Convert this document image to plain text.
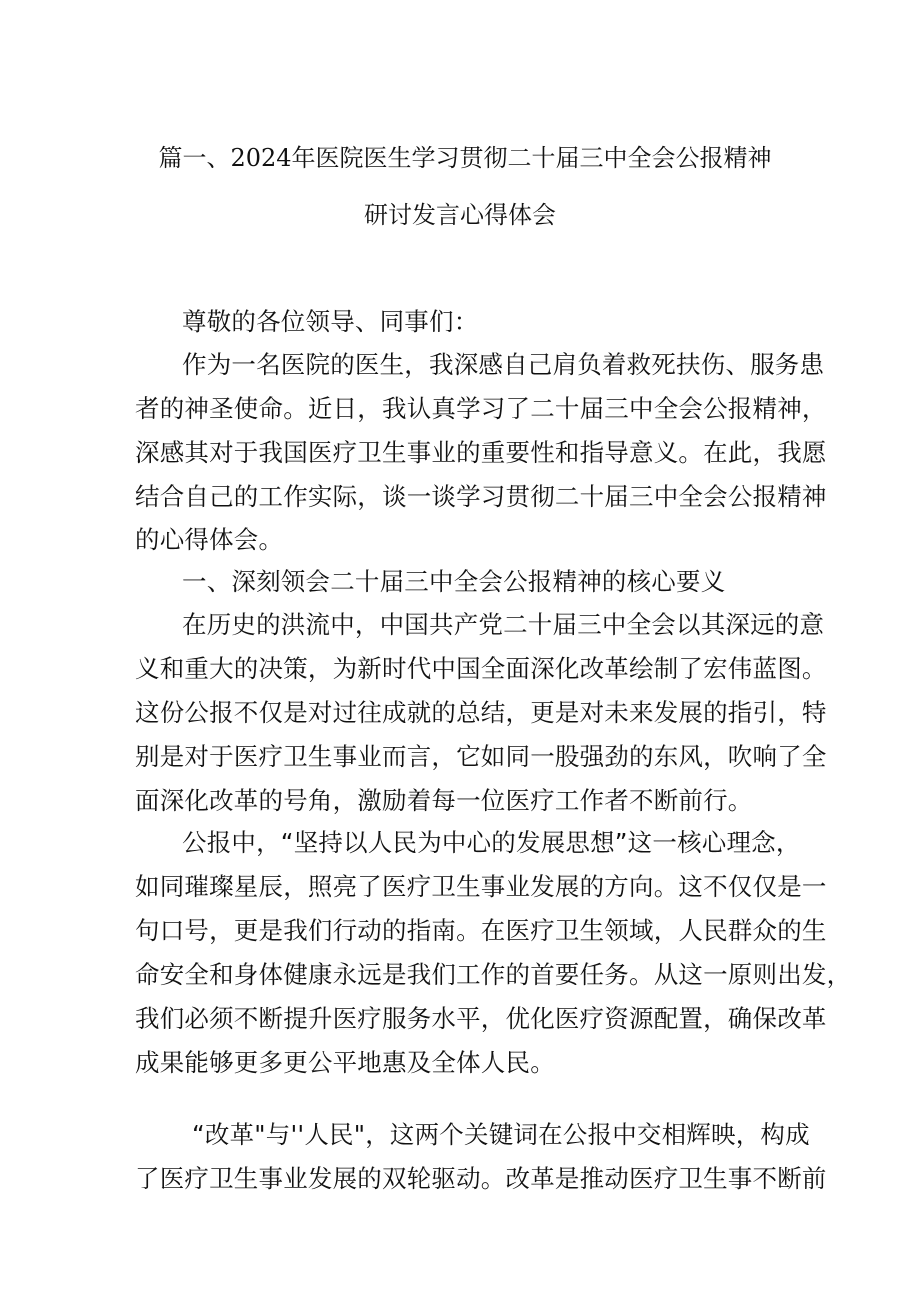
篇一、2024年医院医生学习贯彻二十届三中全会公报精神
研讨发言心得体会
尊敬的各位领导、同事们：
作为一名医院的医生，我深感自己肩负着救死扶伤、服务患
者的神圣使命。近日，我认真学习了二十届三中全会公报精神，
深感其对于我国医疗卫生事业的重要性和指导意义。在此，我愿
结合自己的工作实际，谈一谈学习贯彻二十届三中全会公报精神
的心得体会。
一、深刻领会二十届三中全会公报精神的核心要义
在历史的洪流中，中国共产党二十届三中全会以其深远的意
义和重大的决策，为新时代中国全面深化改革绘制了宏伟蓝图。
这份公报不仅是对过往成就的总结，更是对未来发展的指引，特
别是对于医疗卫生事业而言，它如同一股强劲的东风，吹响了全
面深化改革的号角，激励着每一位医疗工作者不断前行。
公报中，“坚持以人民为中心的发展思想”这一核心理念，
如同璀璨星辰，照亮了医疗卫生事业发展的方向。这不仅仅是一
句口号，更是我们行动的指南。在医疗卫生领域，人民群众的生
命安全和身体健康永远是我们工作的首要任务。从这一原则出发，
我们必须不断提升医疗服务水平，优化医疗资源配置，确保改革
成果能够更多更公平地惠及全体人民。
“改革"与''人民"，这两个关键词在公报中交相辉映，构成
了医疗卫生事业发展的双轮驱动。改革是推动医疗卫生事不断前
